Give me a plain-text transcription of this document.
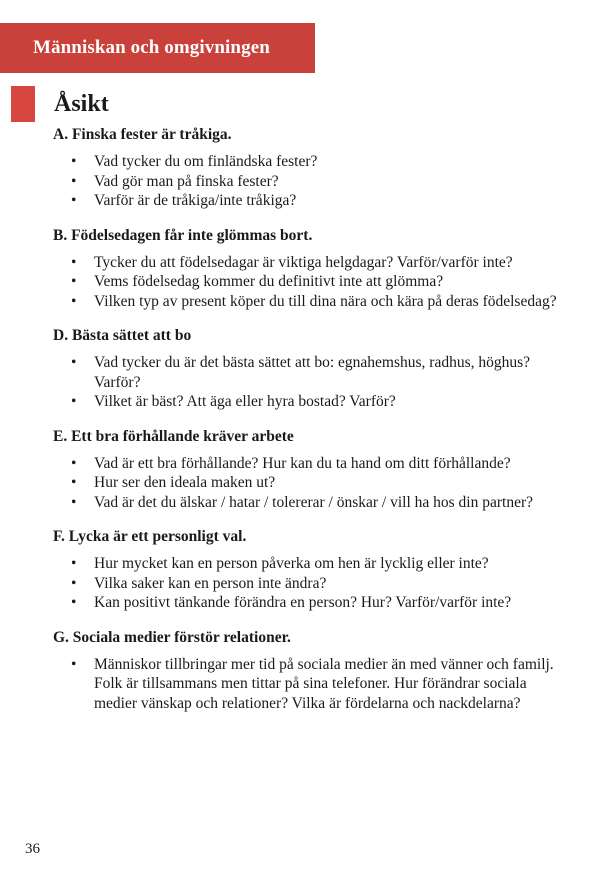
Människan och omgivningen
Åsikt

A. Finska fester är tråkiga.

• Vad tycker du om finländska fester?
• Vad gör man på finska fester?
• Varför är de tråkiga/inte tråkiga?

B. Födelsedagen får inte glömmas bort.

• Tycker du att födelsedagar är viktiga helgdagar? Varför/varför inte?
• Vems födelsedag kommer du definitivt inte att glömma?
• Vilken typ av present köper du till dina nära och kära på deras födelsedag?

D. Bästa sättet att bo

• Vad tycker du är det bästa sättet att bo: egnahemshus, radhus, höghus? Varför?
• Vilket är bäst? Att äga eller hyra bostad? Varför?

E. Ett bra förhållande kräver arbete

• Vad är ett bra förhållande? Hur kan du ta hand om ditt förhållande?
• Hur ser den ideala maken ut?
• Vad är det du älskar / hatar / tolererar / önskar / vill ha hos din partner?

F. Lycka är ett personligt val.

• Hur mycket kan en person påverka om hen är lycklig eller inte?
• Vilka saker kan en person inte ändra?
• Kan positivt tänkande förändra en person? Hur? Varför/varför inte?

G. Sociala medier förstör relationer.

• Människor tillbringar mer tid på sociala medier än med vänner och familj. Folk är tillsammans men tittar på sina telefoner. Hur förändrar sociala medier vänskap och relationer? Vilka är fördelarna och nackdelarna?
36
